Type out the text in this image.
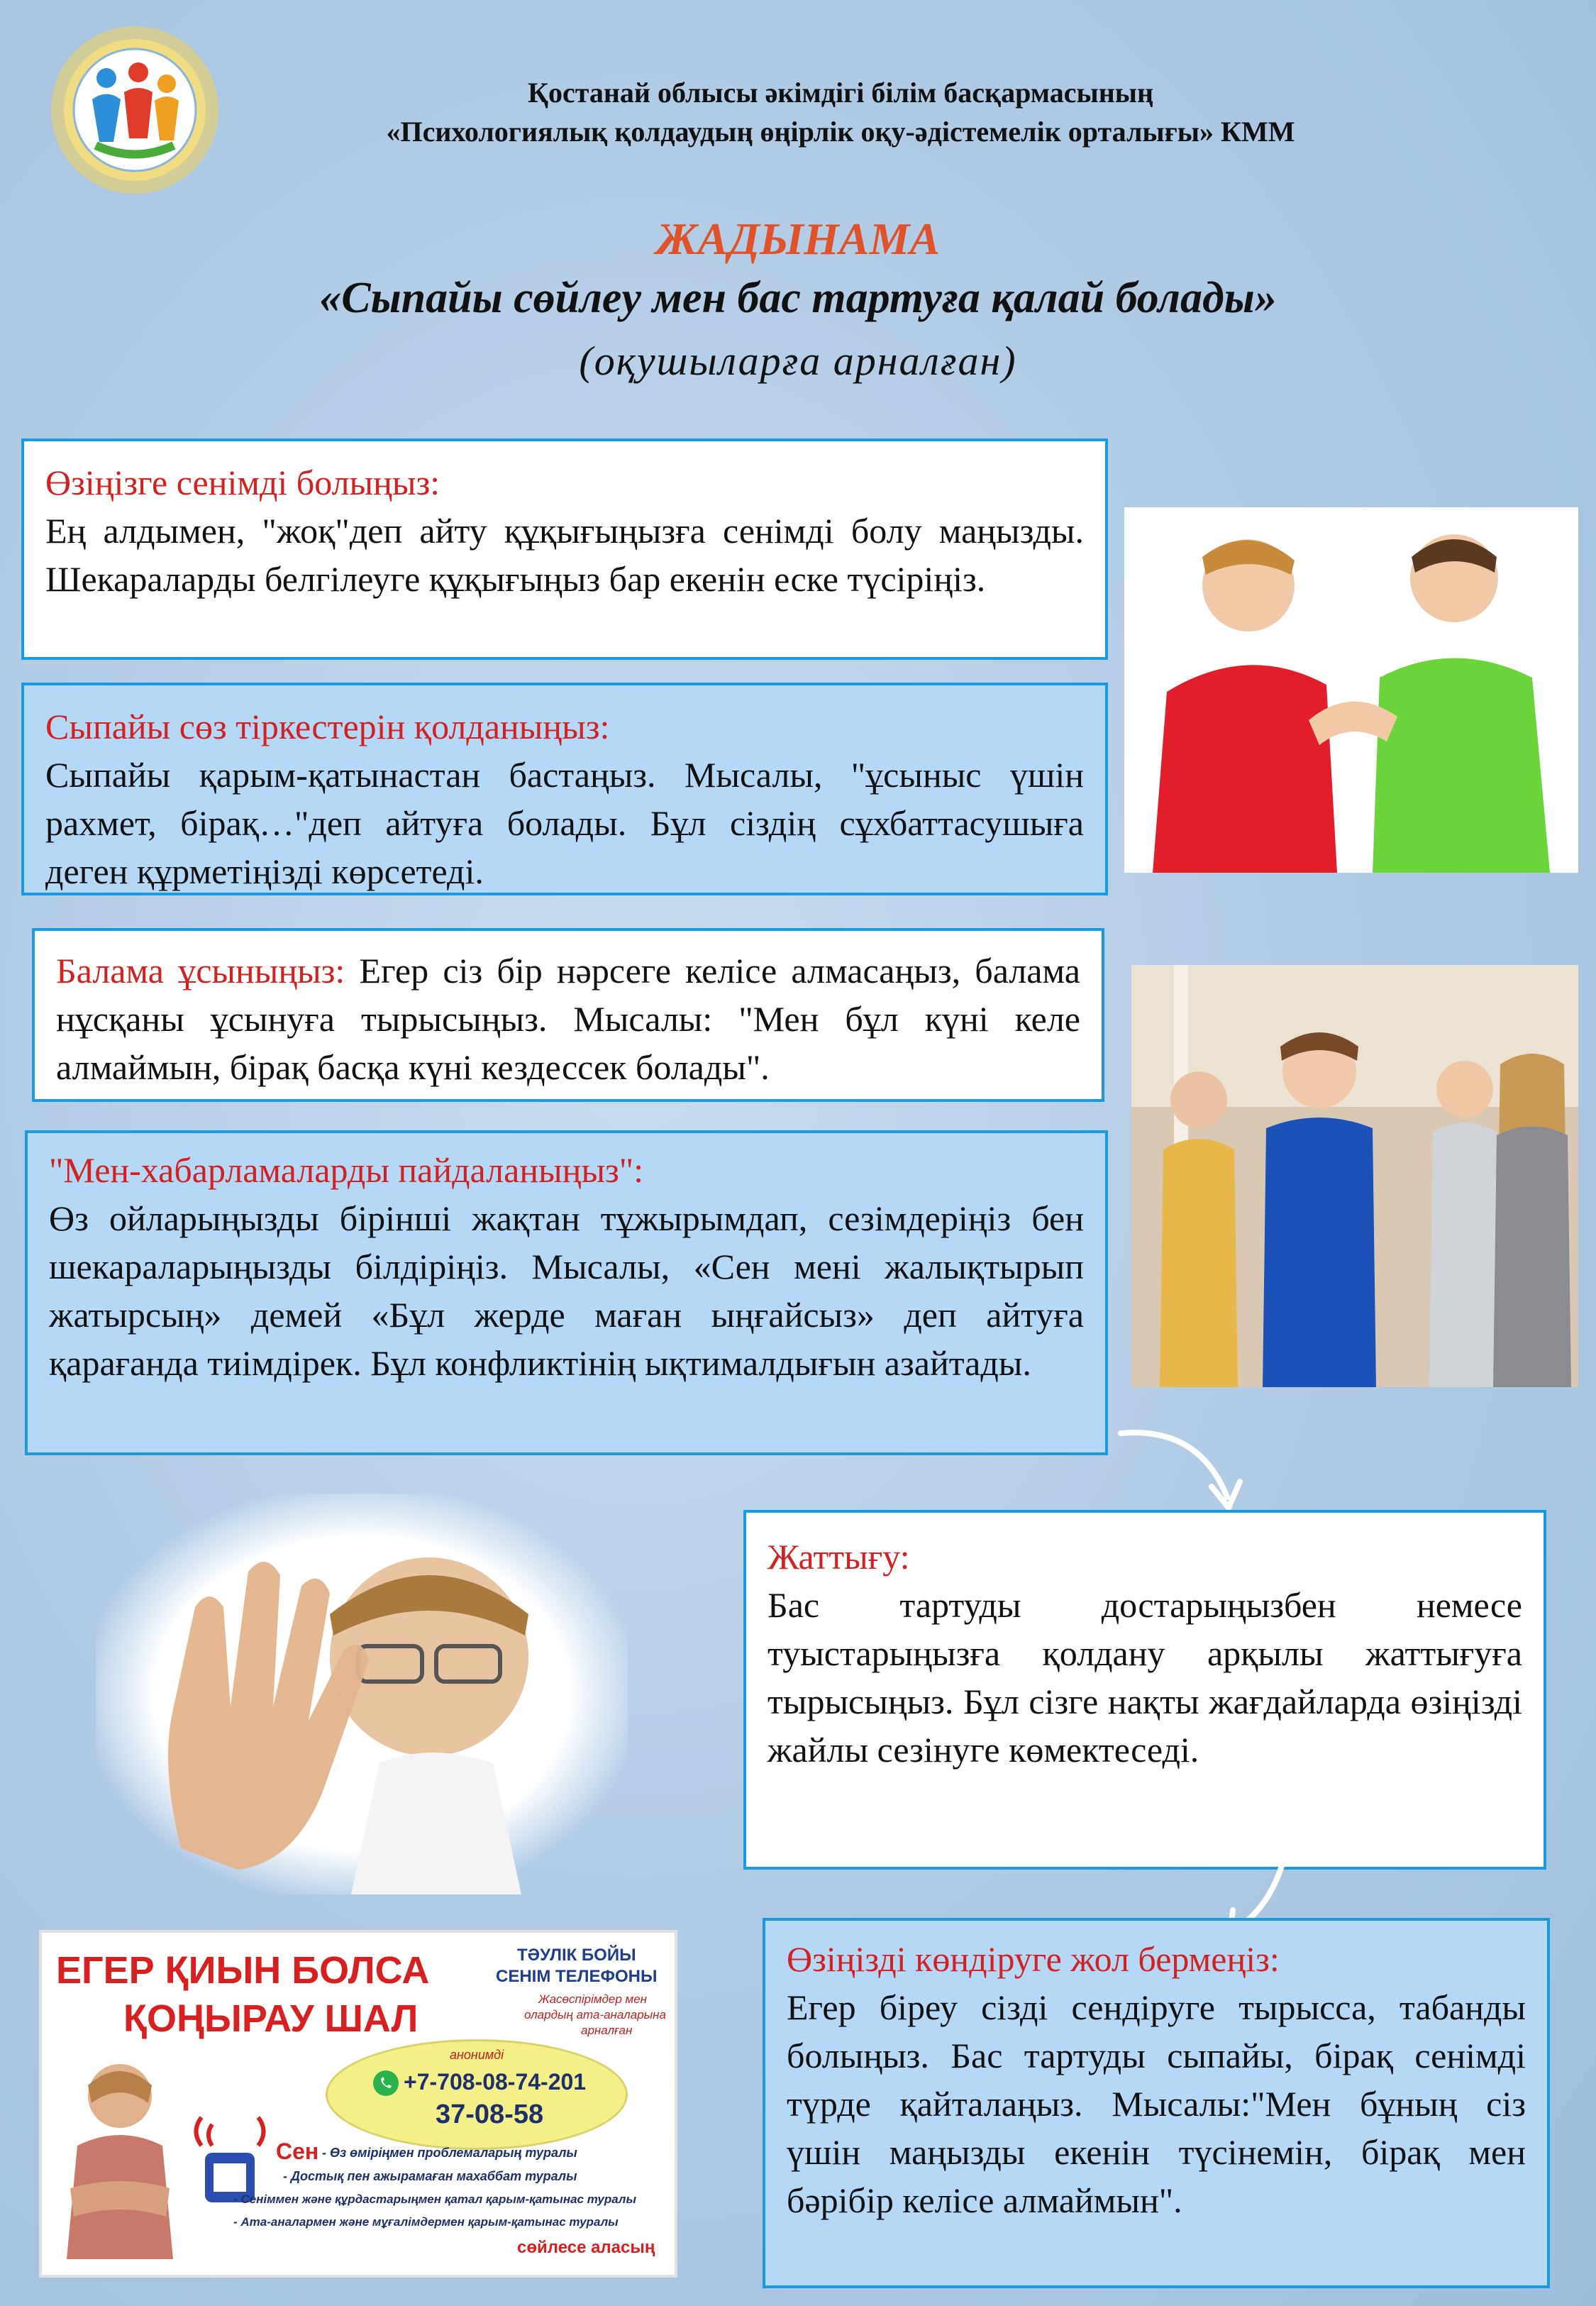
Қостанай облысы әкімдігі білім басқармасының
«Психологиялық қолдаудың өңірлік оқу-әдістемелік орталығы» КММ
ЖАДЫНАМА
«Сыпайы сөйлеу мен бас тартуға қалай болады»
(оқушыларға арналған)
Өзіңізге сенімді болыңыз:
Ең алдымен, "жоқ"деп айту құқығыңызға сенімді болу маңызды. Шекараларды белгілеуге құқығыңыз бар екенін еске түсіріңіз.
Сыпайы сөз тіркестерін қолданыңыз:
Сыпайы қарым-қатынастан бастаңыз. Мысалы, "ұсыныс үшін рахмет, бірақ…"деп айтуға болады. Бұл сіздің сұхбаттасушыға деген құрметіңізді көрсетеді.
Балама ұсыныңыз: Егер сіз бір нәрсеге келісе алмасаңыз, балама нұсқаны ұсынуға тырысыңыз. Мысалы: "Мен бұл күні келе алмаймын, бірақ басқа күні кездессек болады".
"Мен-хабарламаларды пайдаланыңыз":
Өз ойларыңызды бірінші жақтан тұжырымдап, сезімдеріңіз бен шекараларыңызды білдіріңіз. Мысалы, «Сен мені жалықтырып жатырсың» демей «Бұл жерде маған ыңғайсыз» деп айтуға қарағанда тиімдірек. Бұл конфликтінің ықтималдығын азайтады.
Жаттығу:
Бас тартуды достарыңызбен немесе туыстарыңызға қолдану арқылы жаттығуға тырысыңыз. Бұл сізге нақты жағдайларда өзіңізді жайлы сезінуге көмектеседі.
ЕГЕР ҚИЫН БОЛСА
ҚОҢЫРАУ ШАЛ
ТӘУЛІК БОЙЫ
СЕНІМ ТЕЛЕФОНЫ
Жасөспірімдер мен
олардың ата-аналарына
арналған
анонимді
+7-708-08-74-201
37-08-58
Сен - Өз өміріңмен проблемаларың туралы
- Достық пен ажырамаған махаббат туралы
- Сеніммен және құрдастарыңмен қатал қарым-қатынас туралы
- Ата-аналармен және мұғалімдермен қарым-қатынас туралы
сөйлесе аласың
Өзіңізді көндіруге жол бермеңіз:
Егер біреу сізді сендіруге тырысса, табанды болыңыз. Бас тартуды сыпайы, бірақ сенімді түрде қайталаңыз. Мысалы:"Мен бұның сіз үшін маңызды екенін түсінемін, бірақ мен бәрібір келісе алмаймын".
